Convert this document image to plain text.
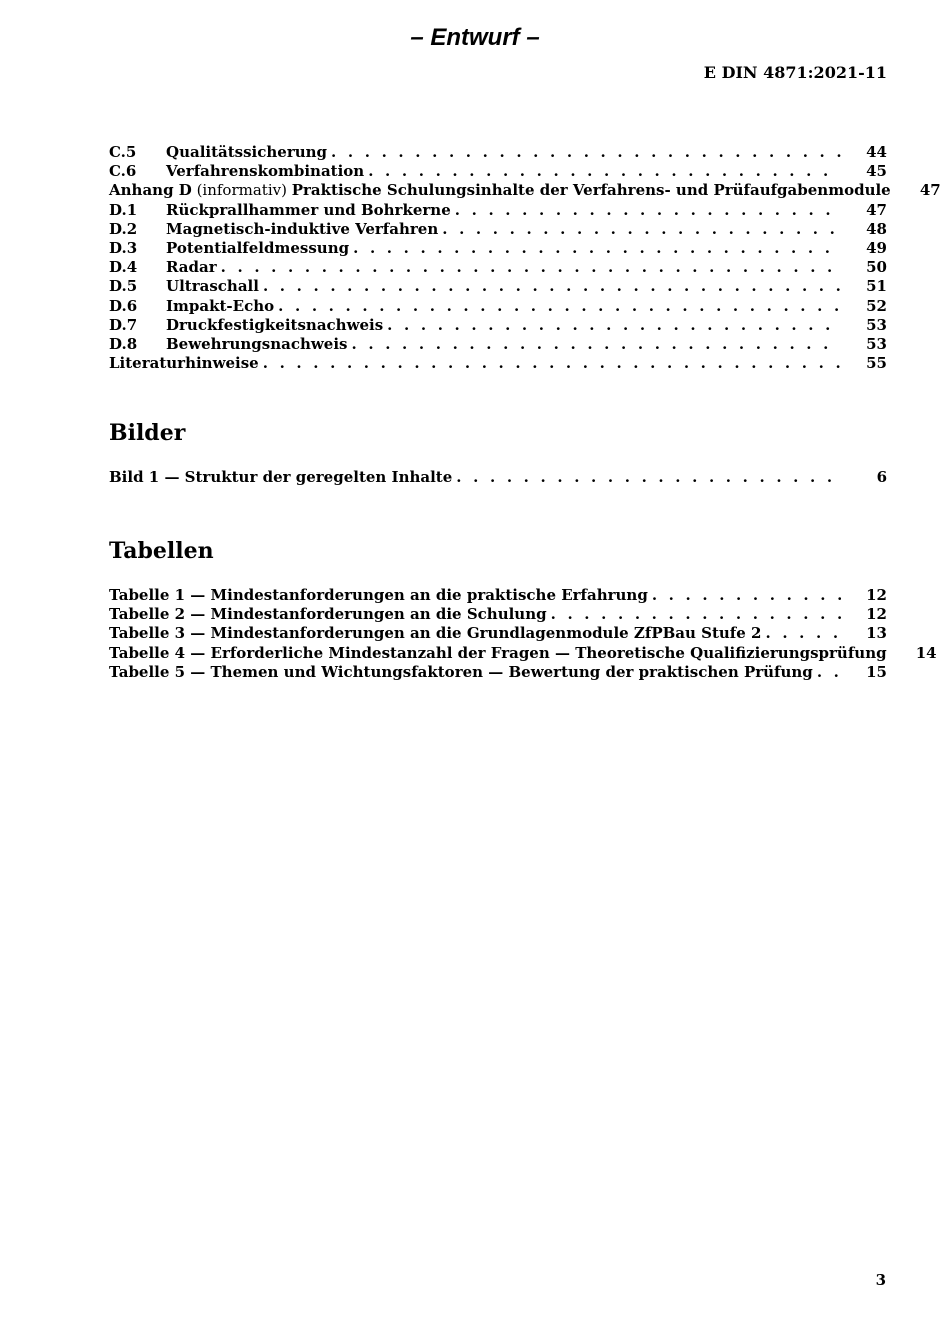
– Entwurf –
E DIN 4871:2021-11
C.5	Qualitätssicherung . . .	44
C.6	Verfahrenskombination . . .	45
Anhang D (informativ) Praktische Schulungsinhalte der Verfahrens- und Prüfaufgabenmodule	47
D.1	Rückprallhammer und Bohrkerne . . .	47
D.2	Magnetisch-induktive Verfahren . . .	48
D.3	Potentialfeldmessung . . .	49
D.4	Radar . . .	50
D.5	Ultraschall . . .	51
D.6	Impakt-Echo . . .	52
D.7	Druckfestigkeitsnachweis . . .	53
D.8	Bewehrungsnachweis . . .	53
Literaturhinweise . . .	55
Bilder
Bild 1 — Struktur der geregelten Inhalte . . .	6
Tabellen
Tabelle 1 — Mindestanforderungen an die praktische Erfahrung . . .	12
Tabelle 2 — Mindestanforderungen an die Schulung . . .	12
Tabelle 3 — Mindestanforderungen an die Grundlagenmodule ZfPBau Stufe 2 . . .	13
Tabelle 4 — Erforderliche Mindestanzahl der Fragen — Theoretische Qualifizierungsprüfung	14
Tabelle 5 — Themen und Wichtungsfaktoren — Bewertung der praktischen Prüfung . . .	15
3
